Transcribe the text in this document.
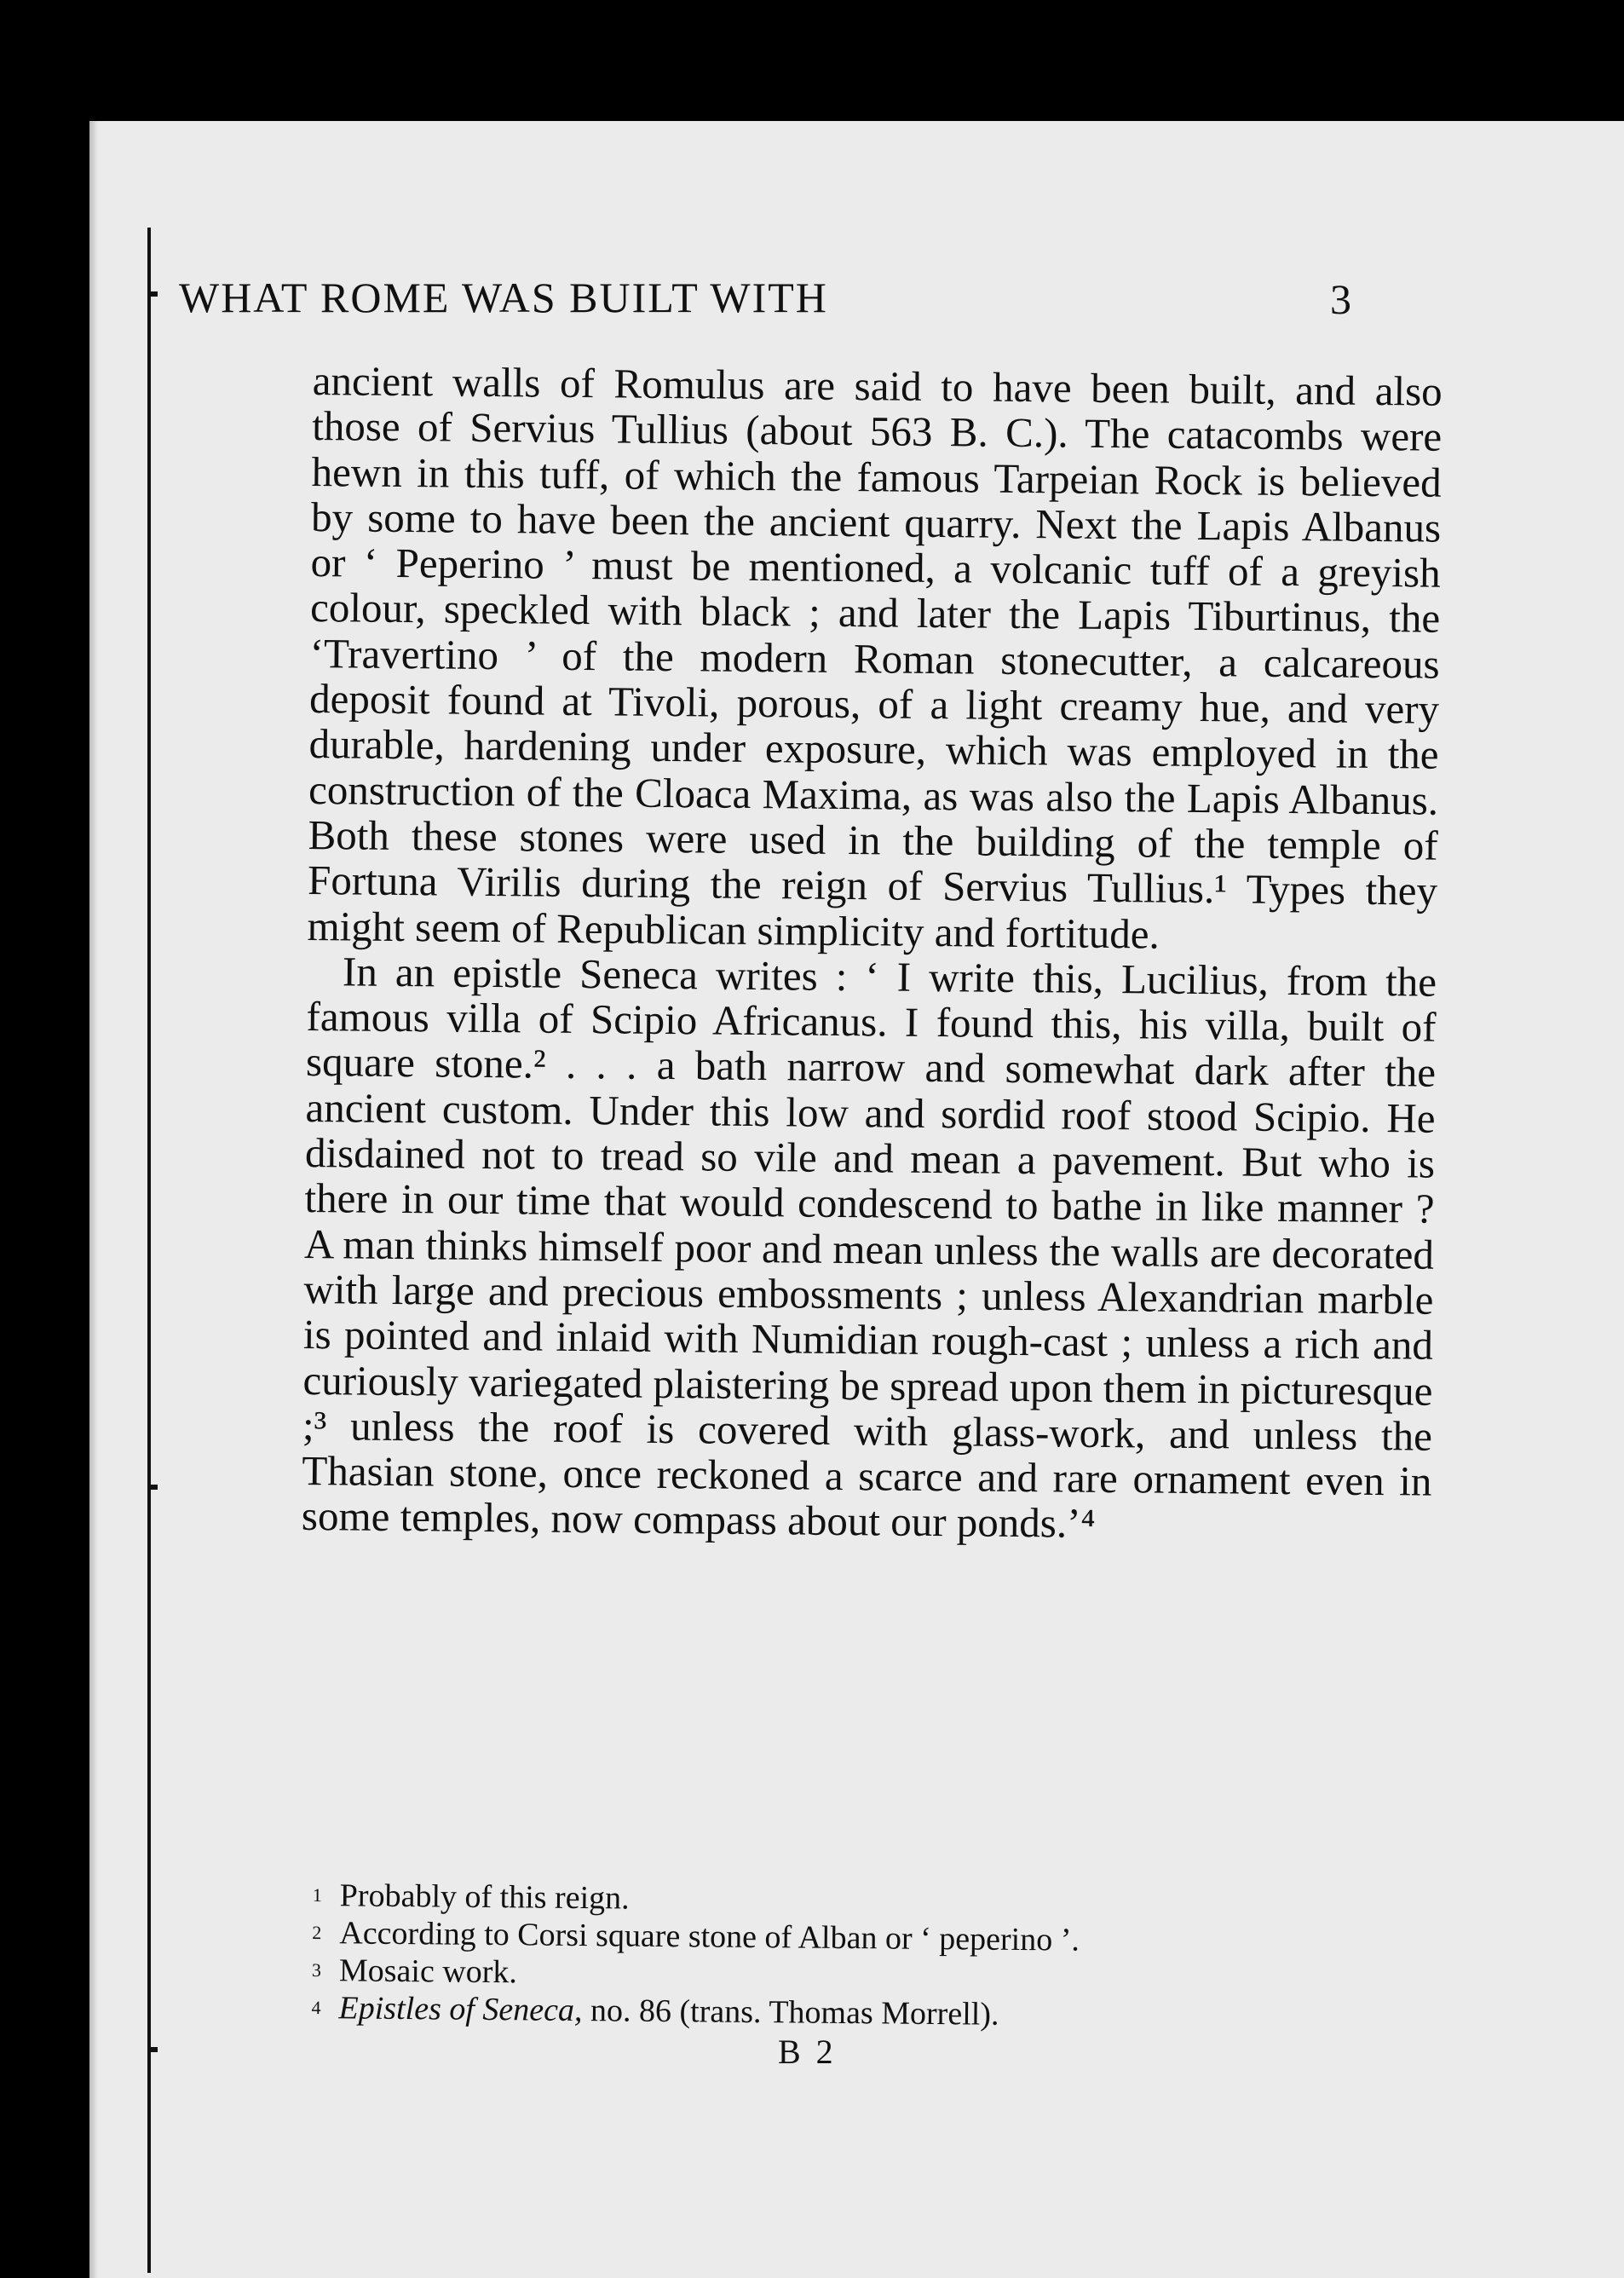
WHAT ROME WAS BUILT WITH	3

ancient walls of Romulus are said to have been built, and also those of Servius Tullius (about 563 B. C.). The catacombs were hewn in this tuff, of which the famous Tarpeian Rock is believed by some to have been the ancient quarry. Next the Lapis Albanus or ‘ Peperino ’ must be mentioned, a volcanic tuff of a greyish colour, speckled with black ; and later the Lapis Tiburtinus, the ‘Travertino ’ of the modern Roman stonecutter, a calcareous deposit found at Tivoli, porous, of a light creamy hue, and very durable, hardening under exposure, which was employed in the construction of the Cloaca Maxima, as was also the Lapis Albanus. Both these stones were used in the building of the temple of Fortuna Virilis during the reign of Servius Tullius.¹ Types they might seem of Republican simplicity and fortitude.

In an epistle Seneca writes : ‘ I write this, Lucilius, from the famous villa of Scipio Africanus. I found this, his villa, built of square stone.² . . . a bath narrow and somewhat dark after the ancient custom. Under this low and sordid roof stood Scipio. He disdained not to tread so vile and mean a pavement. But who is there in our time that would condescend to bathe in like manner ? A man thinks himself poor and mean unless the walls are decorated with large and precious embossments ; unless Alexandrian marble is pointed and inlaid with Numidian rough-cast ; unless a rich and curiously variegated plaistering be spread upon them in picturesque ;³ unless the roof is covered with glass-work, and unless the Thasian stone, once reckoned a scarce and rare ornament even in some temples, now compass about our ponds.’⁴

1 Probably of this reign.
2 According to Corsi square stone of Alban or ‘ peperino ’.
3 Mosaic work.
4 Epistles of Seneca, no. 86 (trans. Thomas Morrell).
B 2
